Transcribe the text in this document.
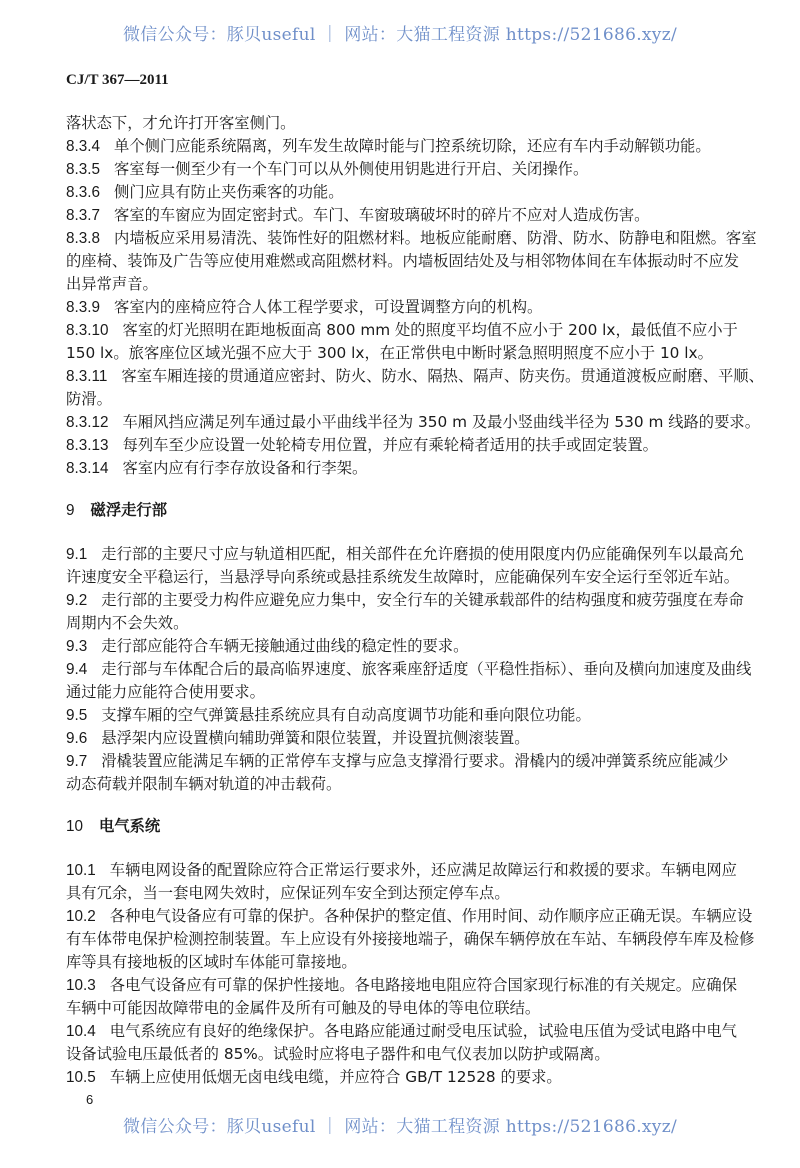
微信公众号：豚贝useful ｜ 网站：大猫工程资源 https://521686.xyz/
CJ/T 367—2011
落状态下，才允许打开客室侧门。
8.3.4 单个侧门应能系统隔离，列车发生故障时能与门控系统切除，还应有车内手动解锁功能。
8.3.5 客室每一侧至少有一个车门可以从外侧使用钥匙进行开启、关闭操作。
8.3.6 侧门应具有防止夹伤乘客的功能。
8.3.7 客室的车窗应为固定密封式。车门、车窗玻璃破坏时的碎片不应对人造成伤害。
8.3.8 内墙板应采用易清洗、装饰性好的阻燃材料。地板应能耐磨、防滑、防水、防静电和阻燃。客室
的座椅、装饰及广告等应使用难燃或高阻燃材料。内墙板固结处及与相邻物体间在车体振动时不应发
出异常声音。
8.3.9 客室内的座椅应符合人体工程学要求，可设置调整方向的机构。
8.3.10 客室的灯光照明在距地板面高 800 mm 处的照度平均值不应小于 200 lx，最低值不应小于
150 lx。旅客座位区域光强不应大于 300 lx，在正常供电中断时紧急照明照度不应小于 10 lx。
8.3.11 客室车厢连接的贯通道应密封、防火、防水、隔热、隔声、防夹伤。贯通道渡板应耐磨、平顺、
防滑。
8.3.12 车厢风挡应满足列车通过最小平曲线半径为 350 m 及最小竖曲线半径为 530 m 线路的要求。
8.3.13 每列车至少应设置一处轮椅专用位置，并应有乘轮椅者适用的扶手或固定装置。
8.3.14 客室内应有行李存放设备和行李架。
9 磁浮走行部
9.1 走行部的主要尺寸应与轨道相匹配，相关部件在允许磨损的使用限度内仍应能确保列车以最高允
许速度安全平稳运行，当悬浮导向系统或悬挂系统发生故障时，应能确保列车安全运行至邻近车站。
9.2 走行部的主要受力构件应避免应力集中，安全行车的关键承载部件的结构强度和疲劳强度在寿命
周期内不会失效。
9.3 走行部应能符合车辆无接触通过曲线的稳定性的要求。
9.4 走行部与车体配合后的最高临界速度、旅客乘座舒适度（平稳性指标）、垂向及横向加速度及曲线
通过能力应能符合使用要求。
9.5 支撑车厢的空气弹簧悬挂系统应具有自动高度调节功能和垂向限位功能。
9.6 悬浮架内应设置横向辅助弹簧和限位装置，并设置抗侧滚装置。
9.7 滑橇装置应能满足车辆的正常停车支撑与应急支撑滑行要求。滑橇内的缓冲弹簧系统应能减少
动态荷载并限制车辆对轨道的冲击载荷。
10 电气系统
10.1 车辆电网设备的配置除应符合正常运行要求外，还应满足故障运行和救援的要求。车辆电网应
具有冗余，当一套电网失效时，应保证列车安全到达预定停车点。
10.2 各种电气设备应有可靠的保护。各种保护的整定值、作用时间、动作顺序应正确无误。车辆应设
有车体带电保护检测控制装置。车上应设有外接接地端子，确保车辆停放在车站、车辆段停车库及检修
库等具有接地板的区域时车体能可靠接地。
10.3 各电气设备应有可靠的保护性接地。各电路接地电阻应符合国家现行标准的有关规定。应确保
车辆中可能因故障带电的金属件及所有可触及的导电体的等电位联结。
10.4 电气系统应有良好的绝缘保护。各电路应能通过耐受电压试验，试验电压值为受试电路中电气
设备试验电压最低者的 85%。试验时应将电子器件和电气仪表加以防护或隔离。
10.5 车辆上应使用低烟无卤电线电缆，并应符合 GB/T 12528 的要求。
6
微信公众号：豚贝useful ｜ 网站：大猫工程资源 https://521686.xyz/
